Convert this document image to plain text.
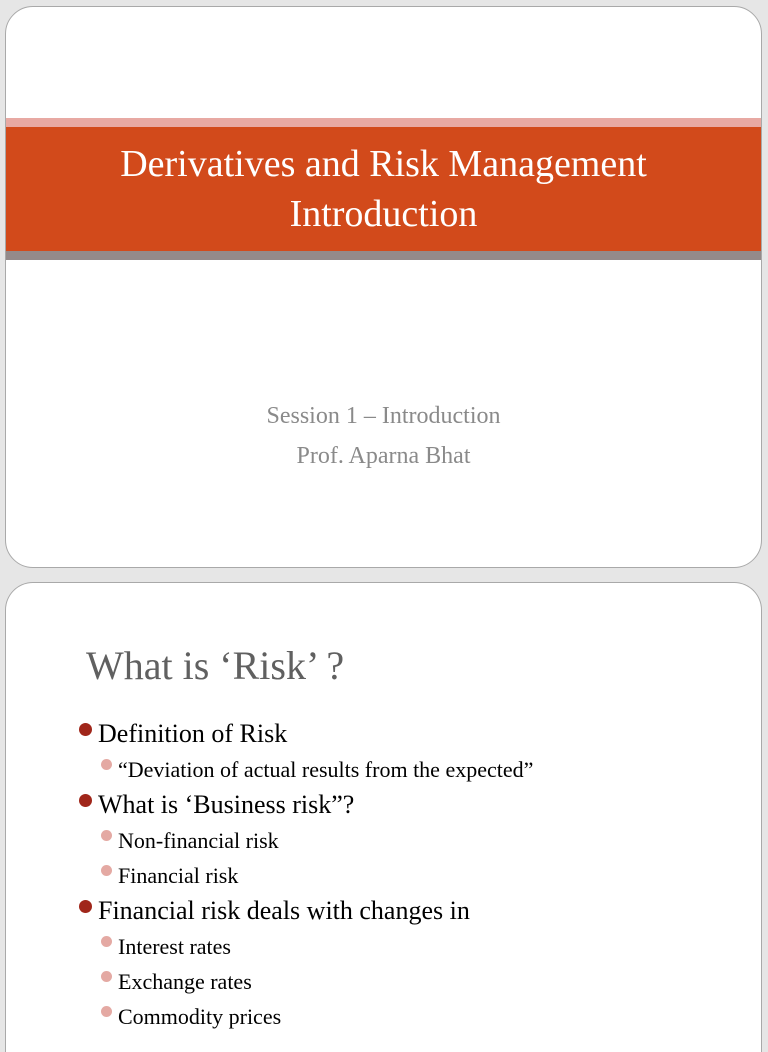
Derivatives and Risk Management
Introduction
Session 1 – Introduction
Prof. Aparna Bhat
What is ‘Risk’ ?
Definition of Risk
“Deviation of actual results from the expected”
What is ‘Business risk”?
Non-financial risk
Financial risk
Financial risk deals with changes in
Interest rates
Exchange rates
Commodity prices
